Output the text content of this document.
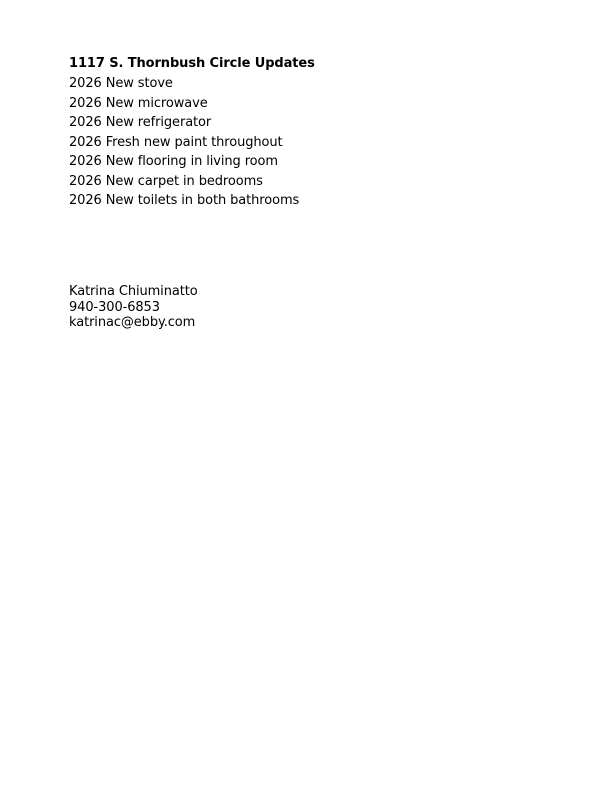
1117 S. Thornbush Circle Updates
2026 New stove
2026 New microwave
2026 New refrigerator
2026 Fresh new paint throughout
2026 New flooring in living room
2026 New carpet in bedrooms
2026 New toilets in both bathrooms
Katrina Chiuminatto
940-300-6853
katrinac@ebby.com
